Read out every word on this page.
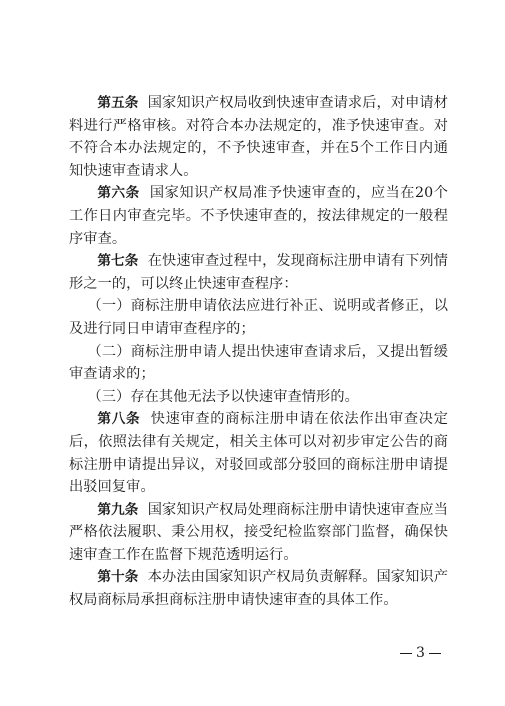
第五条 国家知识产权局收到快速审查请求后，对申请材料进行严格审核。对符合本办法规定的，准予快速审查。对不符合本办法规定的，不予快速审查，并在5个工作日内通知快速审查请求人。

第六条 国家知识产权局准予快速审查的，应当在20个工作日内审查完毕。不予快速审查的，按法律规定的一般程序审查。

第七条 在快速审查过程中，发现商标注册申请有下列情形之一的，可以终止快速审查程序：

（一）商标注册申请依法应进行补正、说明或者修正，以及进行同日申请审查程序的；

（二）商标注册申请人提出快速审查请求后，又提出暂缓审查请求的；

（三）存在其他无法予以快速审查情形的。

第八条 快速审查的商标注册申请在依法作出审查决定后，依照法律有关规定，相关主体可以对初步审定公告的商标注册申请提出异议，对驳回或部分驳回的商标注册申请提出驳回复审。

第九条 国家知识产权局处理商标注册申请快速审查应当严格依法履职、秉公用权，接受纪检监察部门监督，确保快速审查工作在监督下规范透明运行。

第十条 本办法由国家知识产权局负责解释。国家知识产权局商标局承担商标注册申请快速审查的具体工作。

3
